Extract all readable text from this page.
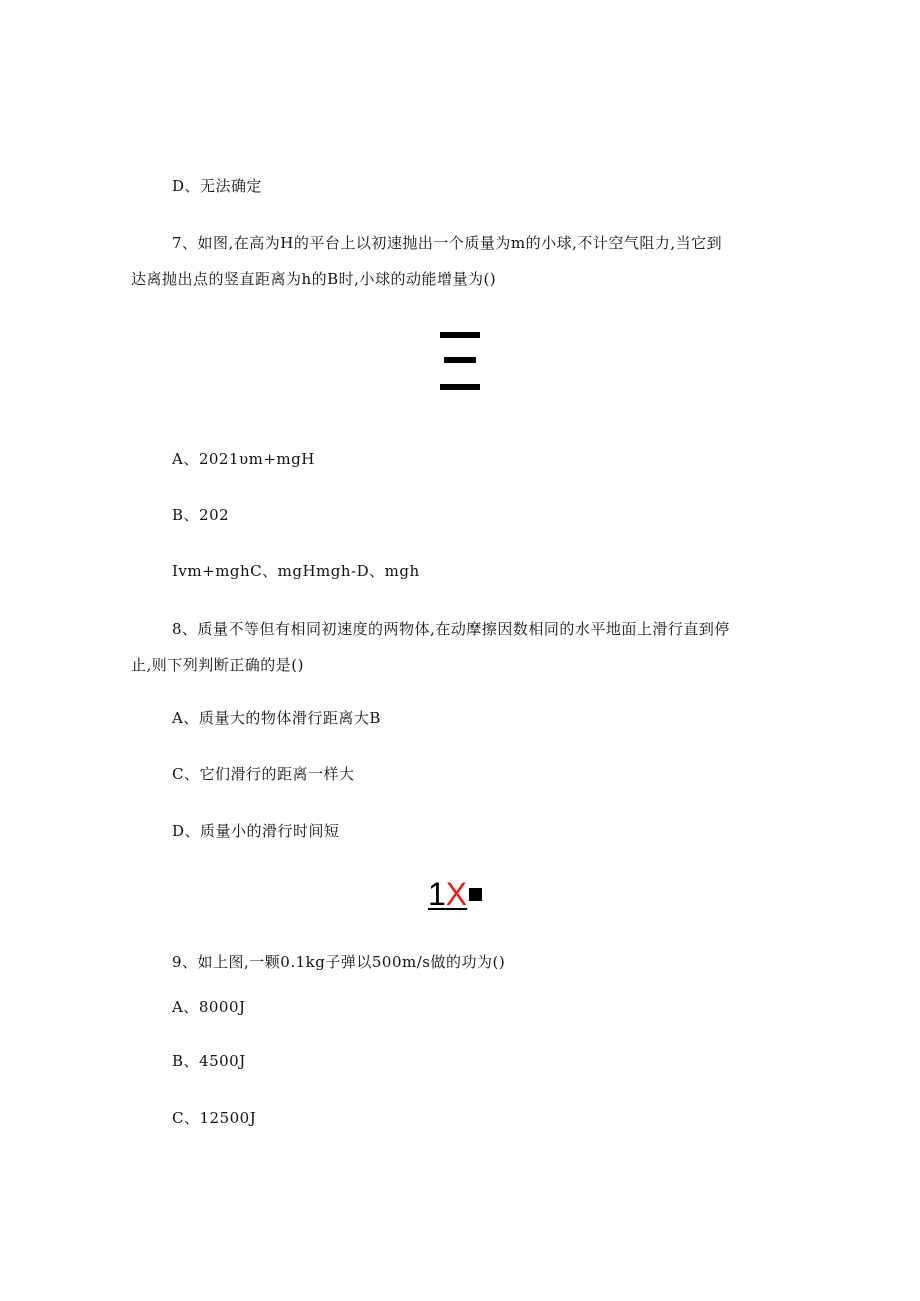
D、无法确定
7、如图,在高为H的平台上以初速抛出一个质量为m的小球,不计空气阻力,当它到
达离抛出点的竖直距离为h的B时,小球的动能增量为()
A、2021υm+mgH
B、202
Ivm+mghC、mgHmgh-D、mgh
8、质量不等但有相同初速度的两物体,在动摩擦因数相同的水平地面上滑行直到停
止,则下列判断正确的是()
A、质量大的物体滑行距离大B
C、它们滑行的距离一样大
D、质量小的滑行时间短
1X
9、如上图,一颗0.1kg子弹以500m/s做的功为()
A、8000J
B、4500J
C、12500J
